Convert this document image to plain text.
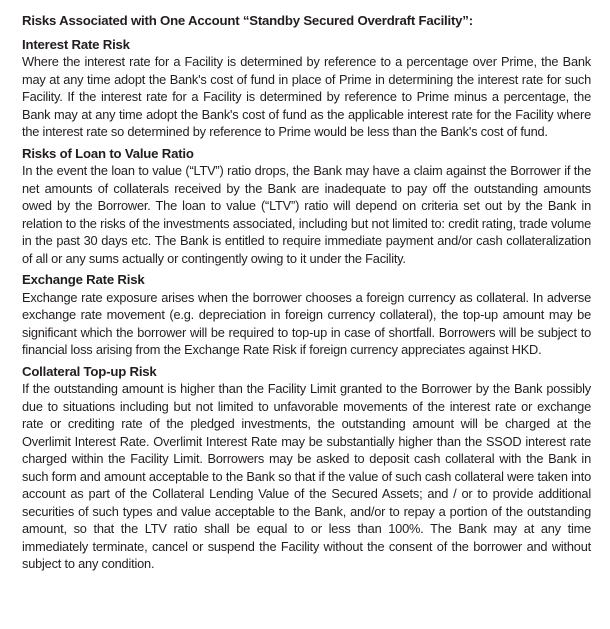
Risks Associated with One Account “Standby Secured Overdraft Facility”:
Interest Rate Risk

Where the interest rate for a Facility is determined by reference to a percentage over Prime, the Bank may at any time adopt the Bank's cost of fund in place of Prime in determining the interest rate for such Facility. If the interest rate for a Facility is determined by reference to Prime minus a percentage, the Bank may at any time adopt the Bank's cost of fund as the applicable interest rate for the Facility where the interest rate so determined by reference to Prime would be less than the Bank's cost of fund.

Risks of Loan to Value Ratio

In the event the loan to value (“LTV”) ratio drops, the Bank may have a claim against the Borrower if the net amounts of collaterals received by the Bank are inadequate to pay off the outstanding amounts owed by the Borrower. The loan to value (“LTV”) ratio will depend on criteria set out by the Bank in relation to the risks of the investments associated, including but not limited to: credit rating, trade volume in the past 30 days etc. The Bank is entitled to require immediate payment and/or cash collateralization of all or any sums actually or contingently owing to it under the Facility.

Exchange Rate Risk

Exchange rate exposure arises when the borrower chooses a foreign currency as collateral. In adverse exchange rate movement (e.g. depreciation in foreign currency collateral), the top-up amount may be significant which the borrower will be required to top-up in case of shortfall. Borrowers will be subject to financial loss arising from the Exchange Rate Risk if foreign currency appreciates against HKD.

Collateral Top-up Risk

If the outstanding amount is higher than the Facility Limit granted to the Borrower by the Bank possibly due to situations including but not limited to unfavorable movements of the interest rate or exchange rate or crediting rate of the pledged investments, the outstanding amount will be charged at the Overlimit Interest Rate. Overlimit Interest Rate may be substantially higher than the SSOD interest rate charged within the Facility Limit. Borrowers may be asked to deposit cash collateral with the Bank in such form and amount acceptable to the Bank so that if the value of such cash collateral were taken into account as part of the Collateral Lending Value of the Secured Assets; and / or to provide additional securities of such types and value acceptable to the Bank, and/or to repay a portion of the outstanding amount, so that the LTV ratio shall be equal to or less than 100%. The Bank may at any time immediately terminate, cancel or suspend the Facility without the consent of the borrower and without subject to any condition.
